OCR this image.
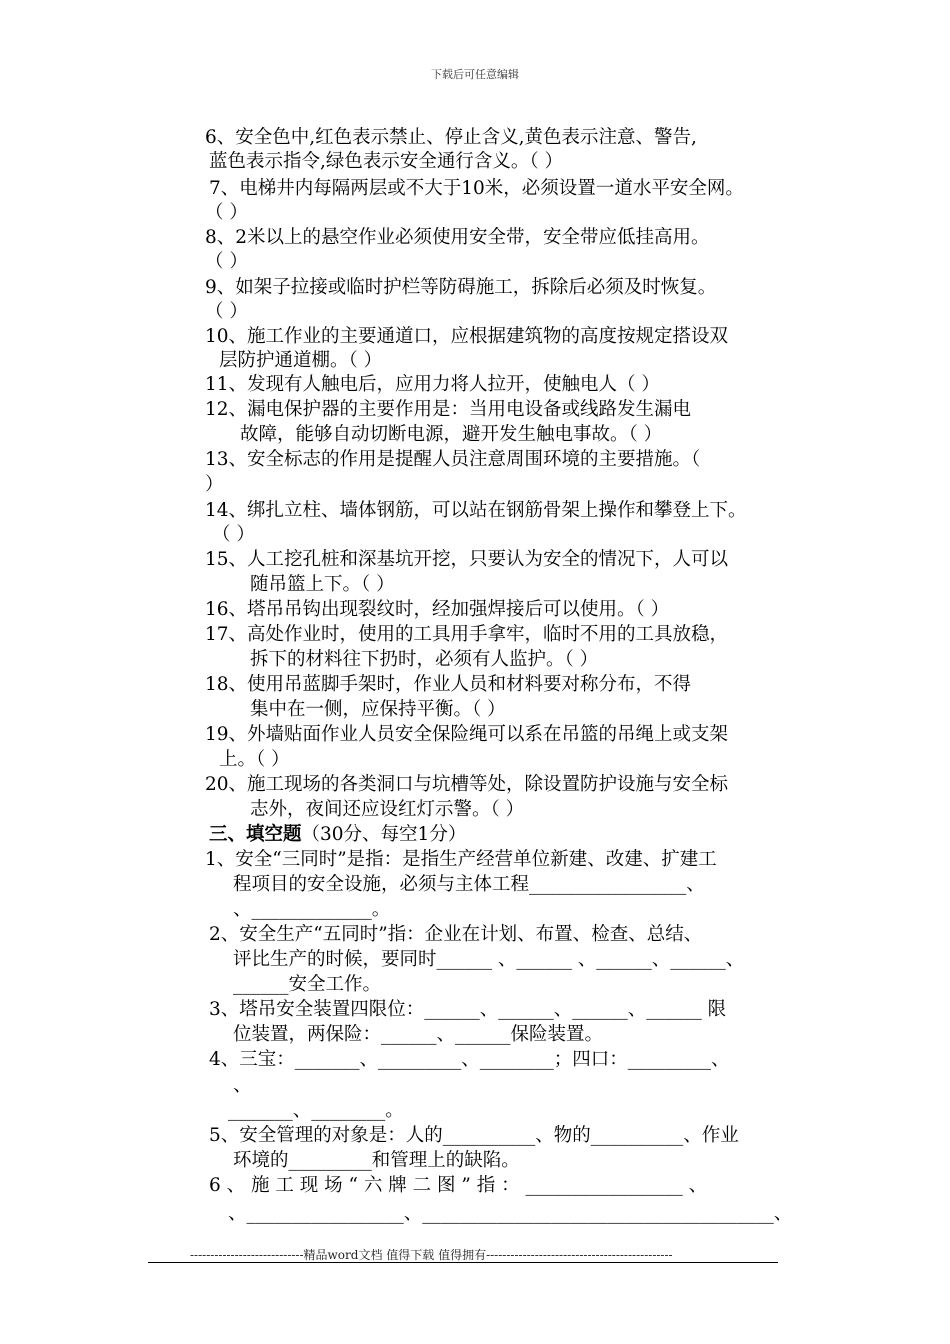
下载后可任意编辑
6、安全色中,红色表示禁止、停止含义,黄色表示注意、警告,
蓝色表示指令,绿色表示安全通行含义。（ ）
7、电梯井内每隔两层或不大于10米，必须设置一道水平安全网。
（ ）
8、2米以上的悬空作业必须使用安全带，安全带应低挂高用。
（ ）
9、如架子拉接或临时护栏等防碍施工，拆除后必须及时恢复。
（ ）
10、施工作业的主要通道口，应根据建筑物的高度按规定搭设双
层防护通道棚。（ ）
11、发现有人触电后，应用力将人拉开，使触电人（ ）
12、漏电保护器的主要作用是：当用电设备或线路发生漏电
故障，能够自动切断电源，避开发生触电事故。（ ）
13、安全标志的作用是提醒人员注意周围环境的主要措施。（
）
14、绑扎立柱、墙体钢筋，可以站在钢筋骨架上操作和攀登上下。
（ ）
15、人工挖孔桩和深基坑开挖，只要认为安全的情况下，人可以
随吊篮上下。（ ）
16、塔吊吊钩出现裂纹时，经加强焊接后可以使用。（ ）
17、高处作业时，使用的工具用手拿牢，临时不用的工具放稳，
拆下的材料往下扔时，必须有人监护。（ ）
18、使用吊蓝脚手架时，作业人员和材料要对称分布，不得
集中在一侧，应保持平衡。（ ）
19、外墙贴面作业人员安全保险绳可以系在吊篮的吊绳上或支架
上。（ ）
20、施工现场的各类洞口与坑槽等处，除设置防护设施与安全标
志外，夜间还应设红灯示警。（ ）
1、安全“三同时”是指：是指生产经营单位新建、改建、扩建工
程项目的安全设施，必须与主体工程_________________、
、_____________。
2、安全生产“五同时”指：企业在计划、布置、检查、总结、
评比生产的时候，要同时______ 、______ 、______、______、
______安全工作。
3、塔吊安全装置四限位：______、______、______、______ 限
位装置，两保险：______、______保险装置。
4、三宝：_______、_________、________；四口：_________、
、
_______、________。
5、安全管理的对象是：人的__________、物的__________、作业
环境的_________和管理上的缺陷。
6 、 施 工 现 场 “ 六 牌 二 图 ” 指 ： _________________ 、
、_________________、______________________________________、
三、填空题（30分、每空1分）
----------------------------精品word文档 值得下载 值得拥有----------------------------------------------
